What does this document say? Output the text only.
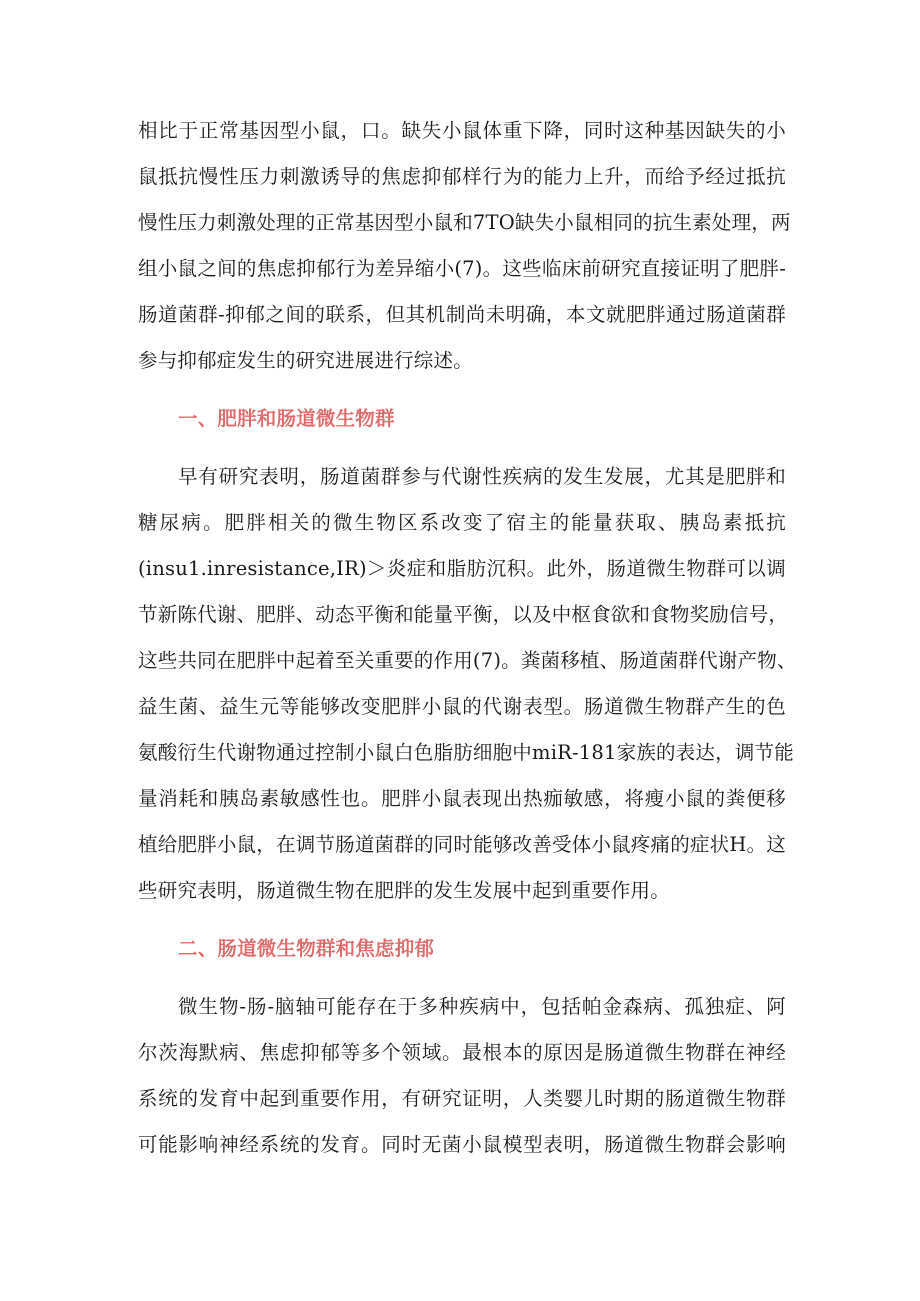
相比于正常基因型小鼠，口。缺失小鼠体重下降，同时这种基因缺失的小
鼠抵抗慢性压力刺激诱导的焦虑抑郁样行为的能力上升，而给予经过抵抗
慢性压力刺激处理的正常基因型小鼠和7TO缺失小鼠相同的抗生素处理，两
组小鼠之间的焦虑抑郁行为差异缩小(7)。这些临床前研究直接证明了肥胖-
肠道菌群-抑郁之间的联系，但其机制尚未明确，本文就肥胖通过肠道菌群
参与抑郁症发生的研究进展进行综述。

一、肥胖和肠道微生物群

早有研究表明，肠道菌群参与代谢性疾病的发生发展，尤其是肥胖和
糖尿病。肥胖相关的微生物区系改变了宿主的能量获取、胰岛素抵抗
(insu1.inresistance,IR)＞炎症和脂肪沉积。此外，肠道微生物群可以调
节新陈代谢、肥胖、动态平衡和能量平衡，以及中枢食欲和食物奖励信号，
这些共同在肥胖中起着至关重要的作用(7)。粪菌移植、肠道菌群代谢产物、
益生菌、益生元等能够改变肥胖小鼠的代谢表型。肠道微生物群产生的色
氨酸衍生代谢物通过控制小鼠白色脂肪细胞中miR-181家族的表达，调节能
量消耗和胰岛素敏感性也。肥胖小鼠表现出热痂敏感，将瘦小鼠的粪便移
植给肥胖小鼠，在调节肠道菌群的同时能够改善受体小鼠疼痛的症状H。这
些研究表明，肠道微生物在肥胖的发生发展中起到重要作用。

二、肠道微生物群和焦虑抑郁

微生物-肠-脑轴可能存在于多种疾病中，包括帕金森病、孤独症、阿
尔茨海默病、焦虑抑郁等多个领域。最根本的原因是肠道微生物群在神经
系统的发育中起到重要作用，有研究证明，人类婴儿时期的肠道微生物群
可能影响神经系统的发育。同时无菌小鼠模型表明，肠道微生物群会影响
